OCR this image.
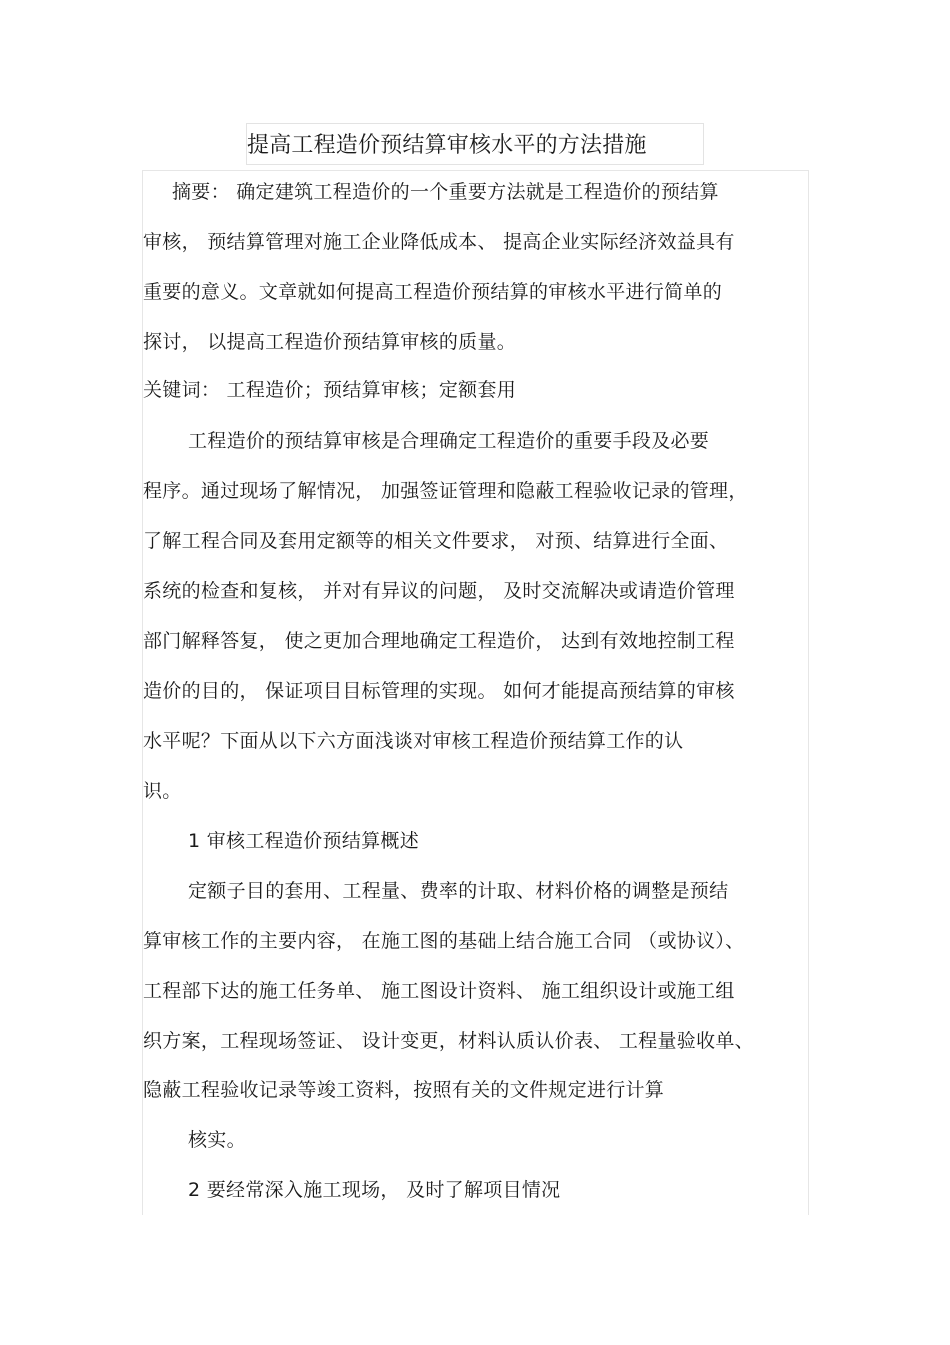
提高工程造价预结算审核水平的方法措施
摘要： 确定建筑工程造价的一个重要方法就是工程造价的预结算
审核， 预结算管理对施工企业降低成本、 提高企业实际经济效益具有
重要的意义。文章就如何提高工程造价预结算的审核水平进行简单的
探讨， 以提高工程造价预结算审核的质量。
关键词： 工程造价；预结算审核；定额套用
工程造价的预结算审核是合理确定工程造价的重要手段及必要
程序。通过现场了解情况， 加强签证管理和隐蔽工程验收记录的管理，
了解工程合同及套用定额等的相关文件要求， 对预、结算进行全面、
系统的检查和复核， 并对有异议的问题， 及时交流解决或请造价管理
部门解释答复， 使之更加合理地确定工程造价， 达到有效地控制工程
造价的目的， 保证项目目标管理的实现。 如何才能提高预结算的审核
水平呢？下面从以下六方面浅谈对审核工程造价预结算工作的认
识。
1 审核工程造价预结算概述
定额子目的套用、工程量、费率的计取、材料价格的调整是预结
算审核工作的主要内容， 在施工图的基础上结合施工合同 （或协议）、
工程部下达的施工任务单、 施工图设计资料、 施工组织设计或施工组
织方案，工程现场签证、 设计变更，材料认质认价表、 工程量验收单、
隐蔽工程验收记录等竣工资料，按照有关的文件规定进行计算
核实。
2 要经常深入施工现场， 及时了解项目情况
